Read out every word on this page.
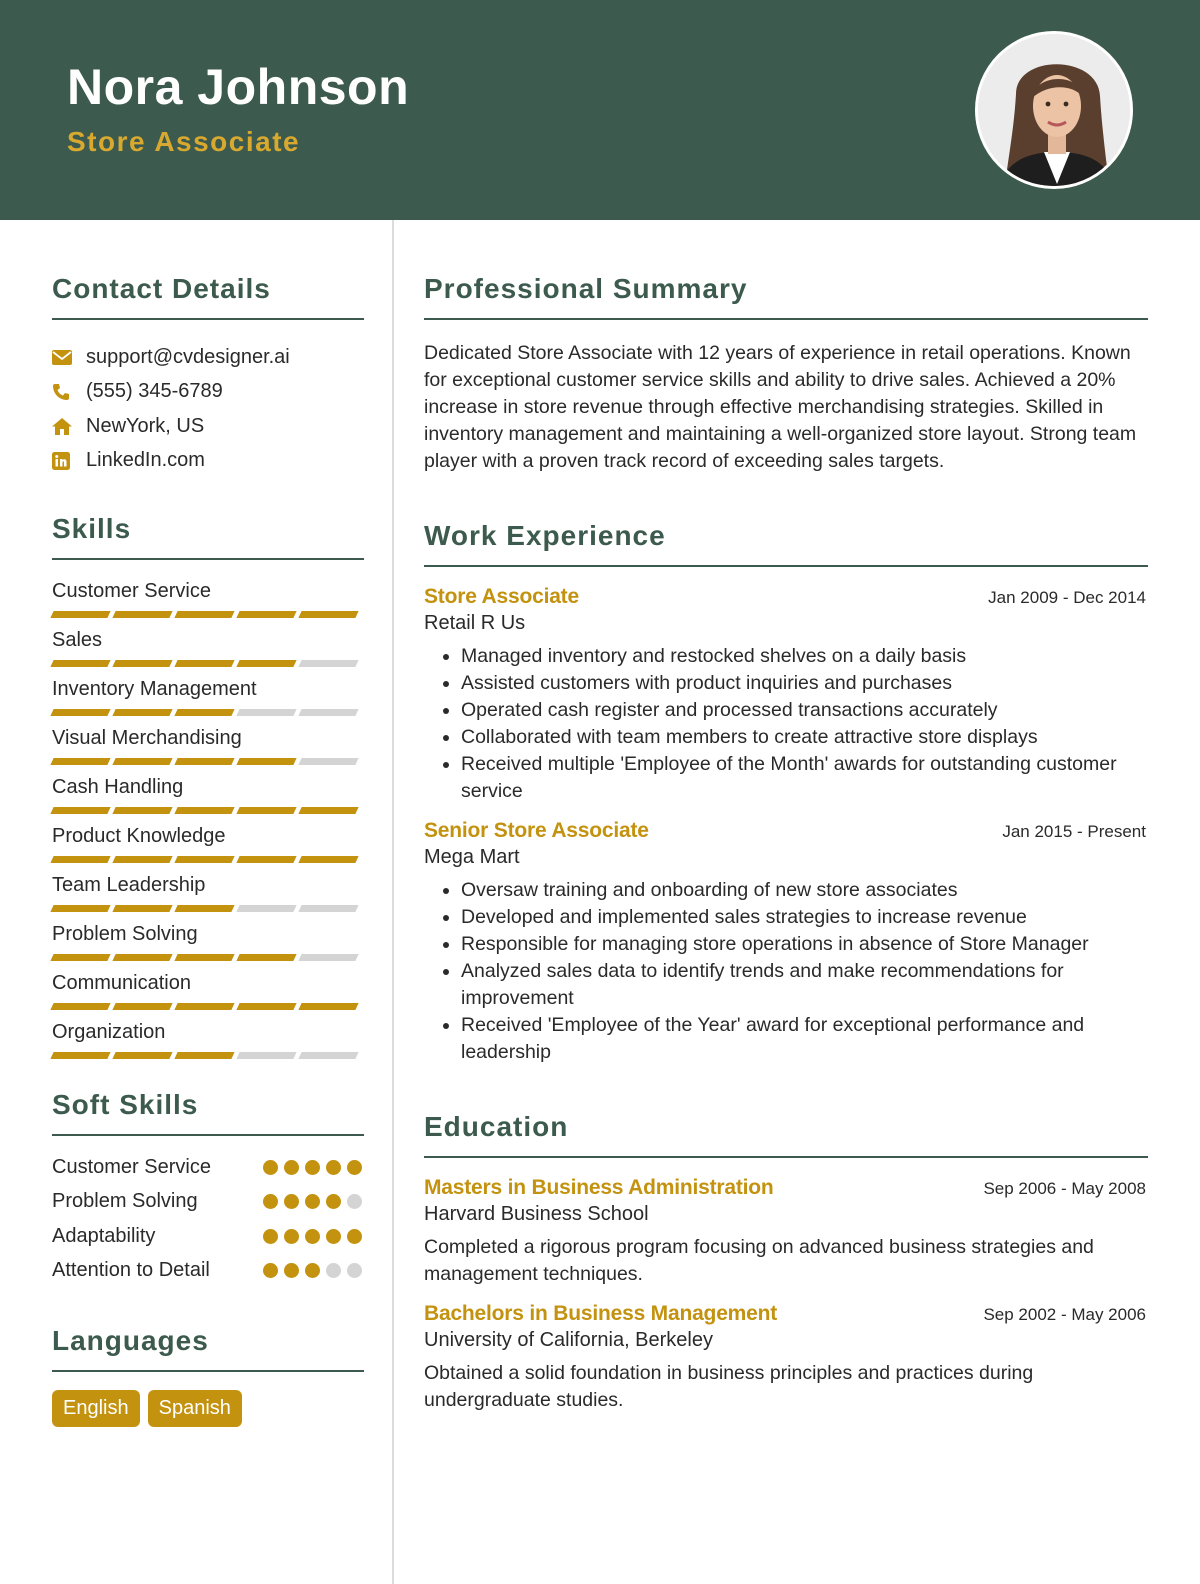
Nora Johnson
Store Associate
Contact Details
support@cvdesigner.ai
(555) 345-6789
NewYork, US
LinkedIn.com
Skills
Customer Service
Sales
Inventory Management
Visual Merchandising
Cash Handling
Product Knowledge
Team Leadership
Problem Solving
Communication
Organization
Soft Skills
Customer Service
Problem Solving
Adaptability
Attention to Detail
Languages
English	Spanish
Professional Summary
Dedicated Store Associate with 12 years of experience in retail operations. Known for exceptional customer service skills and ability to drive sales. Achieved a 20% increase in store revenue through effective merchandising strategies. Skilled in inventory management and maintaining a well-organized store layout. Strong team player with a proven track record of exceeding sales targets.
Work Experience
Store Associate	Jan 2009 - Dec 2014
Retail R Us
• Managed inventory and restocked shelves on a daily basis
• Assisted customers with product inquiries and purchases
• Operated cash register and processed transactions accurately
• Collaborated with team members to create attractive store displays
• Received multiple 'Employee of the Month' awards for outstanding customer service
Senior Store Associate	Jan 2015 - Present
Mega Mart
• Oversaw training and onboarding of new store associates
• Developed and implemented sales strategies to increase revenue
• Responsible for managing store operations in absence of Store Manager
• Analyzed sales data to identify trends and make recommendations for improvement
• Received 'Employee of the Year' award for exceptional performance and leadership
Education
Masters in Business Administration	Sep 2006 - May 2008
Harvard Business School
Completed a rigorous program focusing on advanced business strategies and management techniques.
Bachelors in Business Management	Sep 2002 - May 2006
University of California, Berkeley
Obtained a solid foundation in business principles and practices during undergraduate studies.
